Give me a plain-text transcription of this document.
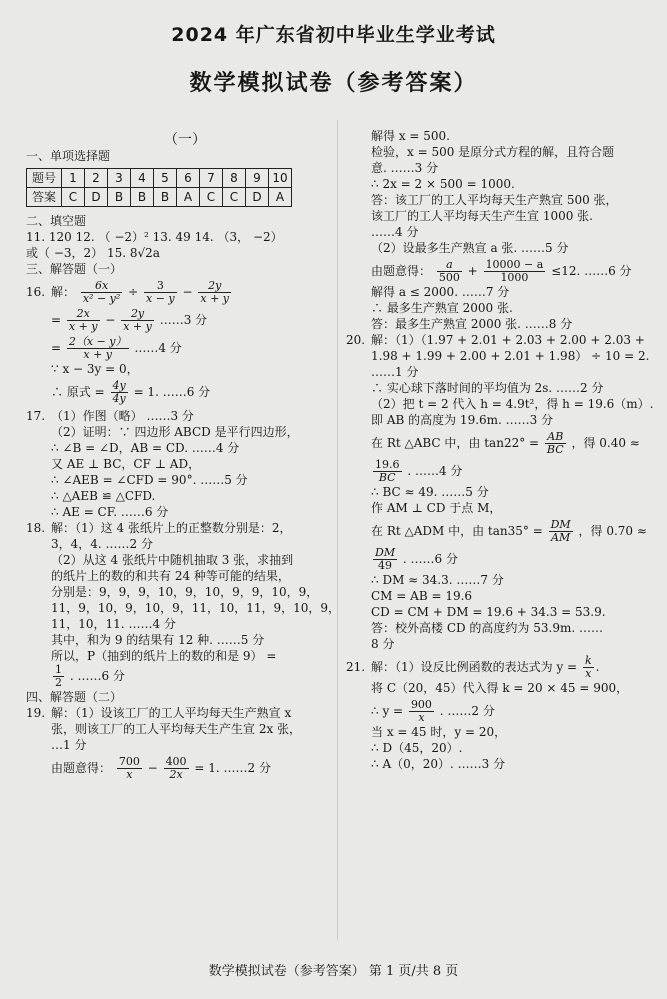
2024 年广东省初中毕业生学业考试
数学模拟试卷（参考答案）
（一）
一、单项选择题
题号	1	2	3	4	5	6	7	8	9	10
答案	C	D	B	B	B	A	C	C	D	A
二、填空题
11. 120 12. （ −2）² 13. 49 14. （3， −2）
或（ −3，2） 15. 8√2a
三、解答题（一）
16. 解： $\frac{6x}{\text{x² − y²}} \div \frac{3}{x - y} - \frac{2y}{x + y}$
= $\frac{2x}{x + y} - \frac{2y}{x + y}$ ……3 分
= $\frac{2(x - y)}{x + y}$ ……4 分
∵ x − 3y = 0，
∴ 原式 = $\frac{4y}{4y} = 1$. ……6 分
17. （1）作图（略） ……3 分
（2）证明：∵ 四边形 ABCD 是平行四边形，
∴ ∠B = ∠D，AB = CD. ……4 分
又 AE ⊥ BC，CF ⊥ AD，
∴ ∠AEB = ∠CFD = 90°. ……5 分
∴ △AEB ≌ △CFD.
∴ AE = CF. ……6 分
18. 解：（1）这 4 张纸片上的正整数分别是：2，
3，4，4. ……2 分
（2）从这 4 张纸片中随机抽取 3 张，求抽到
的纸片上的数的和共有 24 种等可能的结果，
分别是：9，9，9，10，9，10，9，9，10，9，
11，9，10，9，10，9，11，10，11，9，10，9，
11，10，11. ……4 分
其中，和为 9 的结果有 12 种. ……5 分
所以，P（抽到的纸片上的数的和是 9） =
$\frac{1}{2}$ . ……6 分
四、解答题（二）
19. 解：（1）设该工厂的工人平均每天生产熟宣 x
张，则该工厂的工人平均每天生产生宣 2x 张，
…1 分
由题意得： $\frac{700}{x} - \frac{400}{2x} = 1$. ……2 分
解得 x = 500.
检验，x = 500 是原分式方程的解，且符合题
意. ……3 分
∴ 2x = 2 × 500 = 1000.
答：该工厂的工人平均每天生产熟宣 500 张，
该工厂的工人平均每天生产生宣 1000 张.
……4 分
（2）设最多生产熟宣 a 张. ……5 分
由题意得： $\frac{a}{500} + \frac{10000 - a}{1000} \le 12$. ……6 分
解得 a ≤ 2000. ……7 分
∴ 最多生产熟宣 2000 张.
答：最多生产熟宣 2000 张. ……8 分
20. 解：（1）（1.97 + 2.01 + 2.03 + 2.00 + 2.03 +
1.98 + 1.99 + 2.00 + 2.01 + 1.98） ÷ 10 = 2.
……1 分
∴ 实心球下落时间的平均值为 2s. ……2 分
（2）把 t = 2 代入 h = 4.9t²，得 h = 19.6（m）.
即 AB 的高度为 19.6m. ……3 分
在 Rt △ABC 中，由 $\tan 22^\circ = \frac{AB}{BC}$ ，得 0.40 ≈
$\frac{19.6}{BC}$ . ……4 分
∴ BC ≈ 49. ……5 分
作 AM ⊥ CD 于点 M，
在 Rt △ADM 中，由 $\tan 35^\circ = \frac{DM}{AM}$ ，得 0.70 ≈
$\frac{DM}{49}$ . ……6 分
∴ DM ≈ 34.3. ……7 分
CM = AB = 19.6
CD = CM + DM = 19.6 + 34.3 = 53.9.
答：校外高楼 CD 的高度约为 53.9m. ……
8 分
21. 解：（1）设反比例函数的表达式为 $y = \frac{k}{x}$ .
将 C（20，45）代入得 k = 20 × 45 = 900，
∴ $y = \frac{900}{x}$ . ……2 分
当 x = 45 时，y = 20，
∴ D（45，20）.
∴ A（0，20）. ……3 分
数学模拟试卷（参考答案） 第 1 页/共 8 页
